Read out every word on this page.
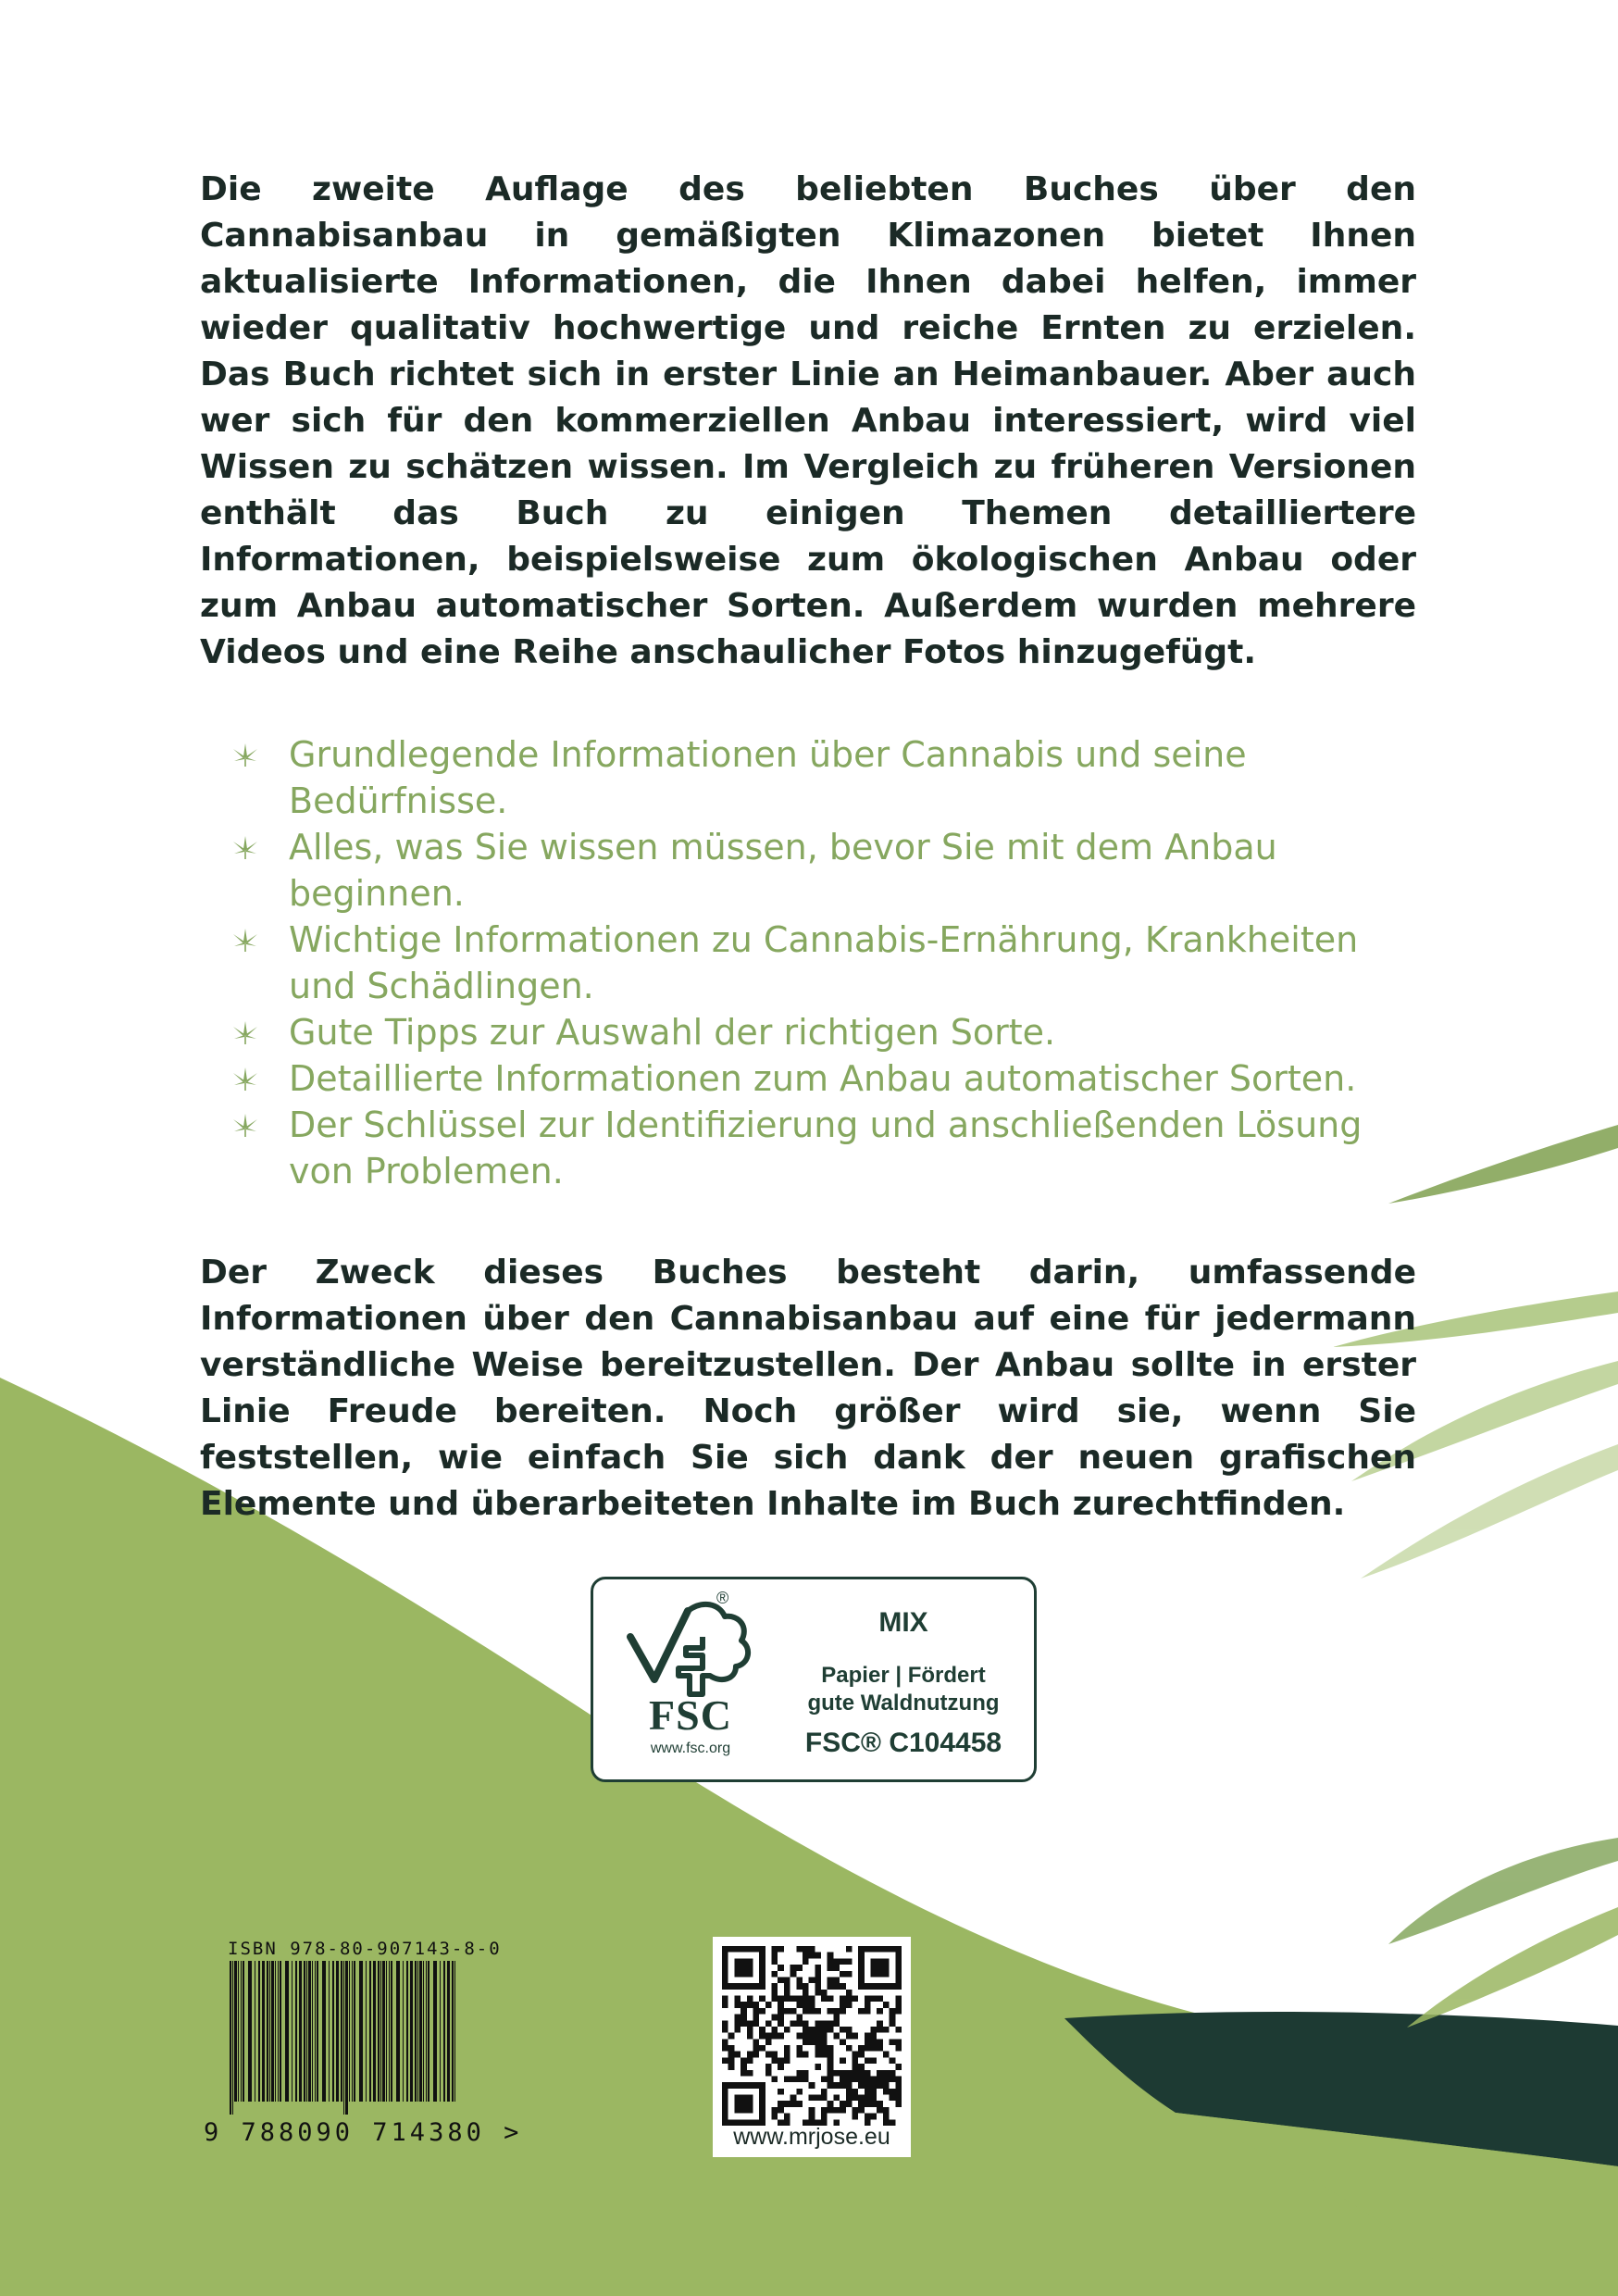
Die zweite Auflage des beliebten Buches über den Cannabisanbau in gemäßigten Klimazonen bietet Ihnen aktualisierte Informationen, die Ihnen dabei helfen, immer wieder qualitativ hochwertige und reiche Ernten zu erzielen. Das Buch richtet sich in erster Linie an Heimanbauer. Aber auch wer sich für den kommerziellen Anbau interessiert, wird viel Wissen zu schätzen wissen. Im Vergleich zu früheren Versionen enthält das Buch zu einigen Themen detailliertere Informationen, beispielsweise zum ökologischen Anbau oder zum Anbau automatischer Sorten. Außerdem wurden mehrere Videos und eine Reihe anschaulicher Fotos hinzugefügt.

Grundlegende Informationen über Cannabis und seine Bedürfnisse.
Alles, was Sie wissen müssen, bevor Sie mit dem Anbau beginnen.
Wichtige Informationen zu Cannabis-Ernährung, Krankheiten und Schädlingen.
Gute Tipps zur Auswahl der richtigen Sorte.
Detaillierte Informationen zum Anbau automatischer Sorten.
Der Schlüssel zur Identifizierung und anschließenden Lösung von Problemen.

Der Zweck dieses Buches besteht darin, umfassende Informationen über den Cannabisanbau auf eine für jedermann verständliche Weise bereitzustellen. Der Anbau sollte in erster Linie Freude bereiten. Noch größer wird sie, wenn Sie feststellen, wie einfach Sie sich dank der neuen grafischen Elemente und überarbeiteten Inhalte im Buch zurechtfinden.

®
FSC
www.fsc.org
MIX
Papier | Fördert
gute Waldnutzung
FSC® C104458
ISBN 978-80-907143-8-0
9 788090 714380 >	www.mrjose.eu
